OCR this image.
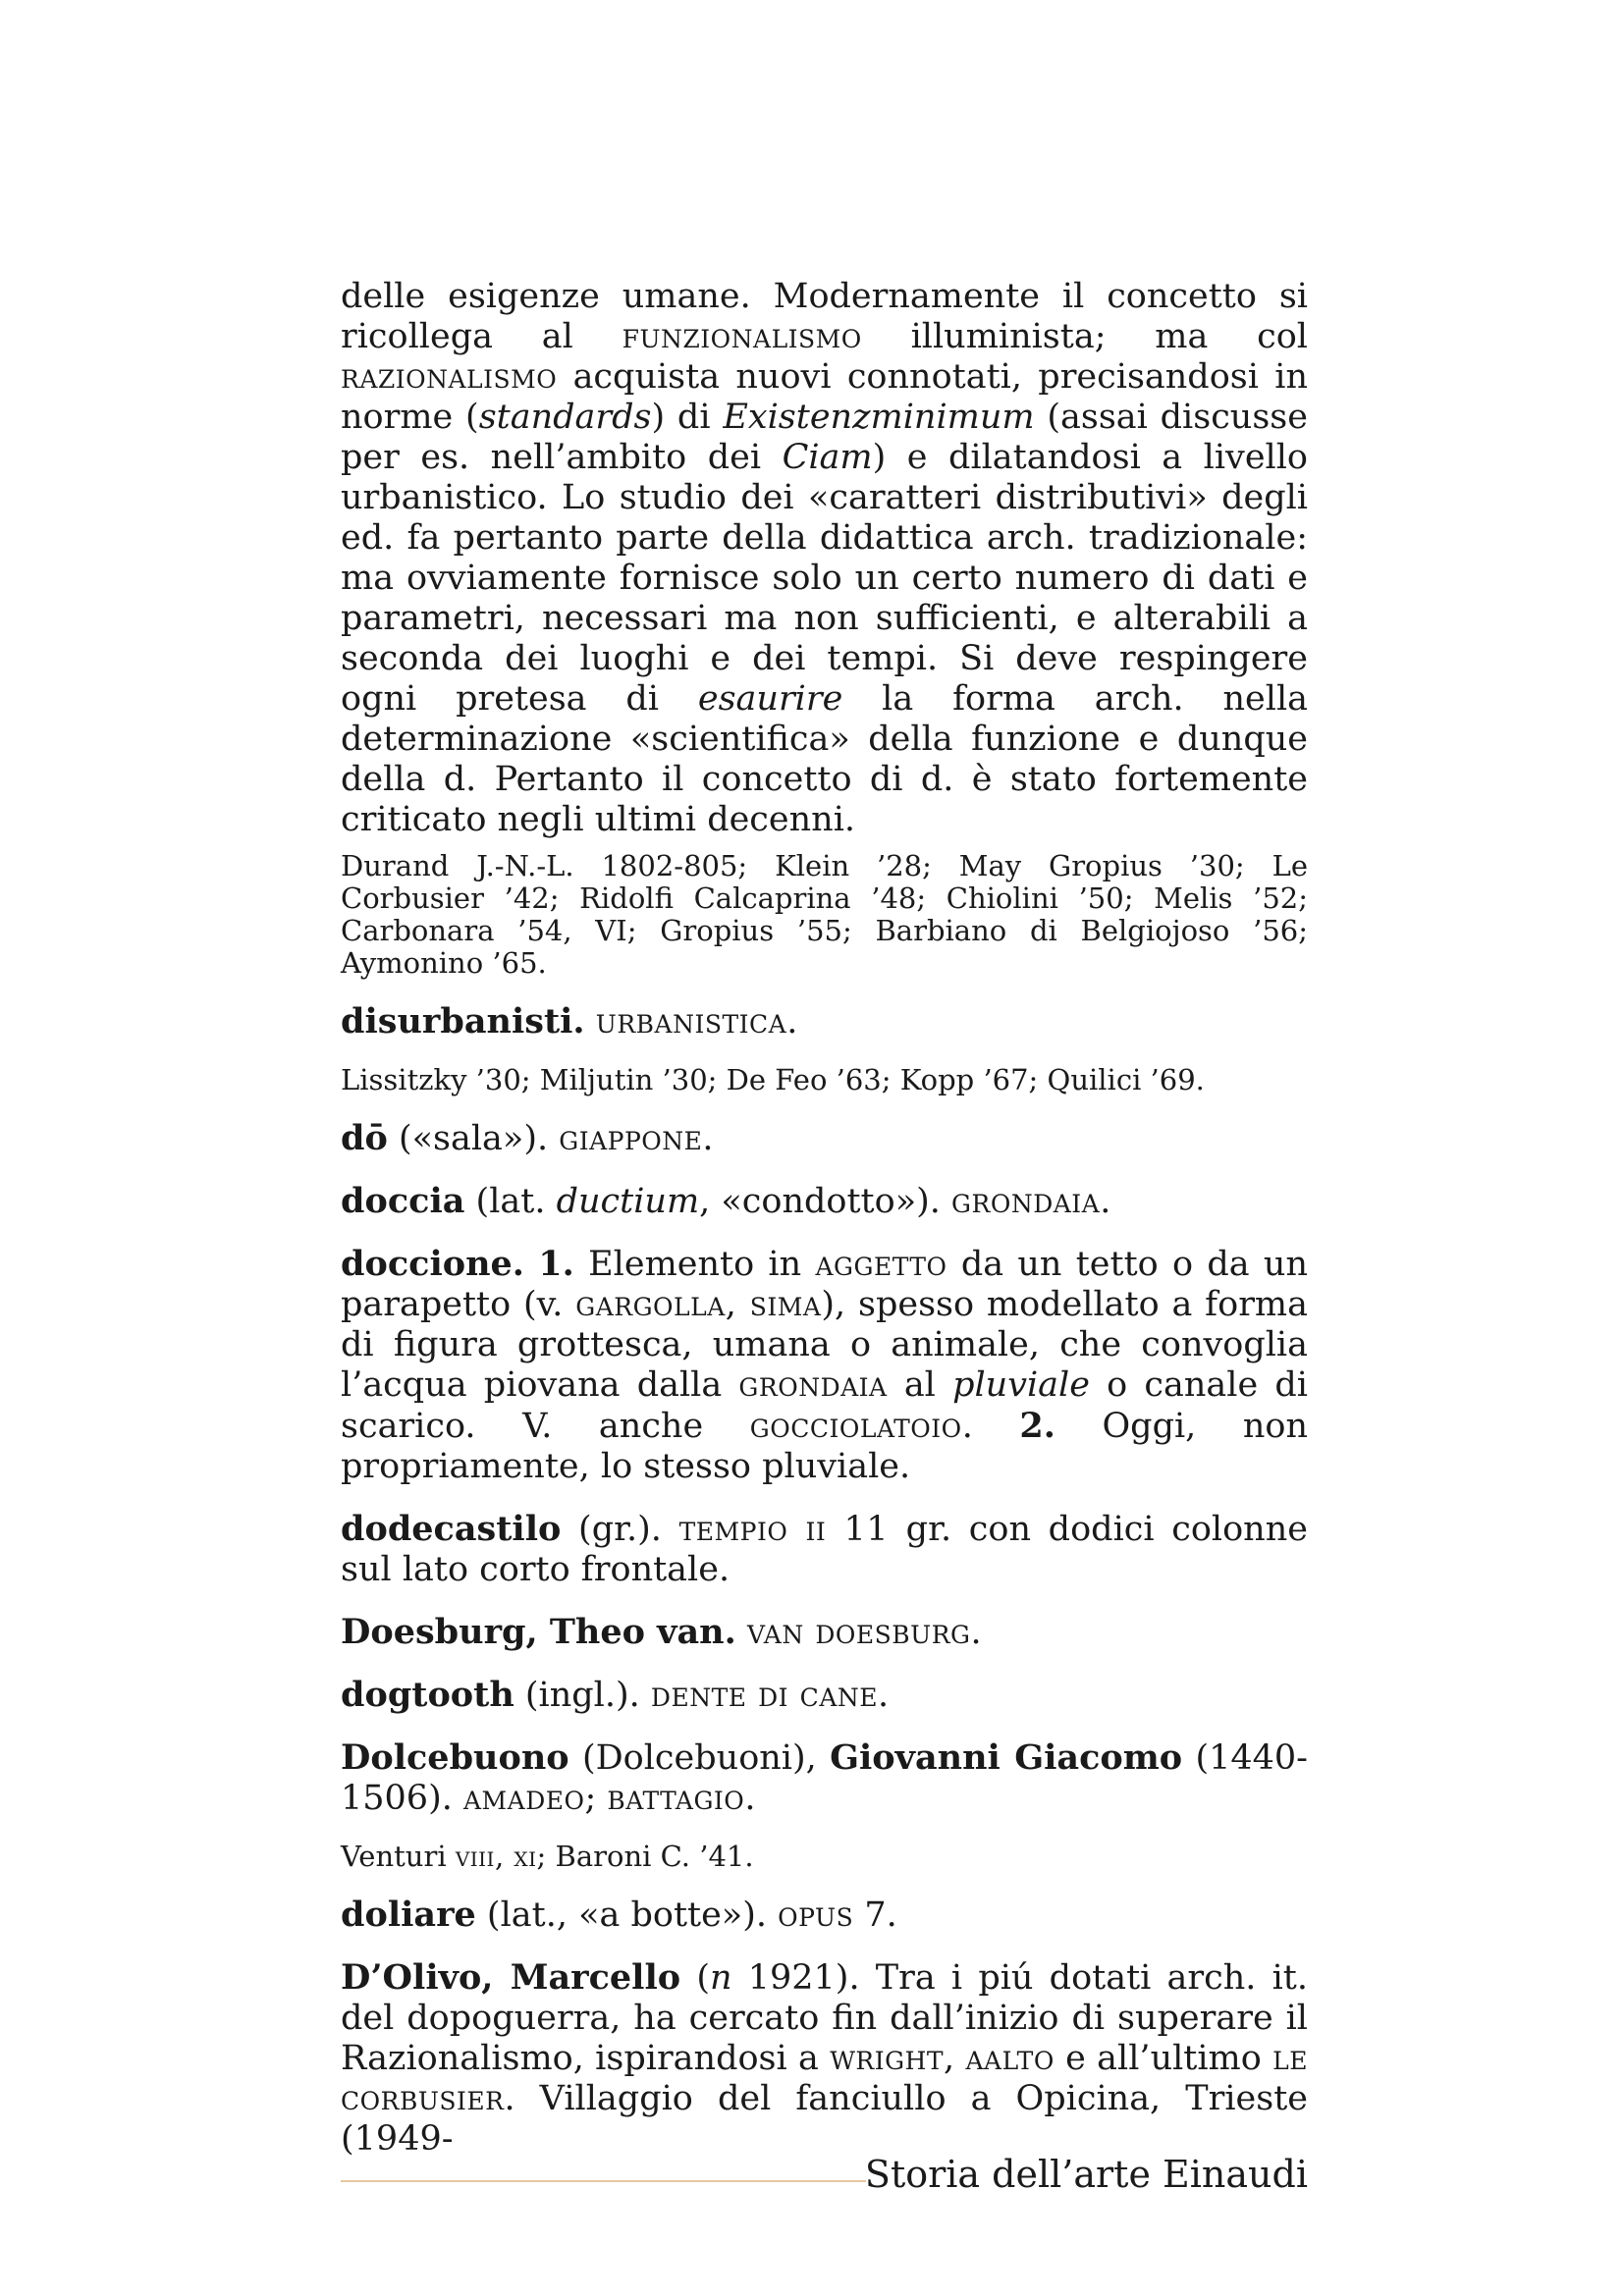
delle esigenze umane. Modernamente il concetto si ricollega al funzionalismo illuminista; ma col razionalismo acquista nuovi connotati, precisandosi in norme (standards) di Existenzminimum (assai discusse per es. nell’ambito dei Ciam) e dilatandosi a livello urbanistico. Lo studio dei «caratteri distributivi» degli ed. fa pertanto parte della didattica arch. tradizionale: ma ovviamente fornisce solo un certo numero di dati e parametri, necessari ma non sufficienti, e alterabili a seconda dei luoghi e dei tempi. Si deve respingere ogni pretesa di esaurire la forma arch. nella determinazione «scientifica» della funzione e dunque della d. Pertanto il concetto di d. è stato fortemente criticato negli ultimi decenni.

Durand J.-N.-L. 1802-805; Klein ’28; May Gropius ’30; Le Corbusier ’42; Ridolfi Calcaprina ’48; Chiolini ’50; Melis ’52; Carbonara ’54, VI; Gropius ’55; Barbiano di Belgiojoso ’56; Aymonino ’65.

disurbanisti. urbanistica.

Lissitzky ’30; Miljutin ’30; De Feo ’63; Kopp ’67; Quilici ’69.

dō («sala»). giappone.

doccia (lat. ductium, «condotto»). grondaia.

doccione. 1. Elemento in aggetto da un tetto o da un parapetto (v. gargolla, sima), spesso modellato a forma di figura grottesca, umana o animale, che convoglia l’acqua piovana dalla grondaia al pluviale o canale di scarico. V. anche gocciolatoio. 2. Oggi, non propriamente, lo stesso pluviale.

dodecastilo (gr.). tempio ii 11 gr. con dodici colonne sul lato corto frontale.

Doesburg, Theo van. van doesburg.

dogtooth (ingl.). dente di cane.

Dolcebuono (Dolcebuoni), Giovanni Giacomo (1440-1506). amadeo; battagio.

Venturi viii, xi; Baroni C. ’41.

doliare (lat., «a botte»). opus 7.

D’Olivo, Marcello (n 1921). Tra i piú dotati arch. it. del dopoguerra, ha cercato fin dall’inizio di superare il Razionalismo, ispirandosi a wright, aalto e all’ultimo le corbusier. Villaggio del fanciullo a Opicina, Trieste (1949-

Storia dell’arte Einaudi
